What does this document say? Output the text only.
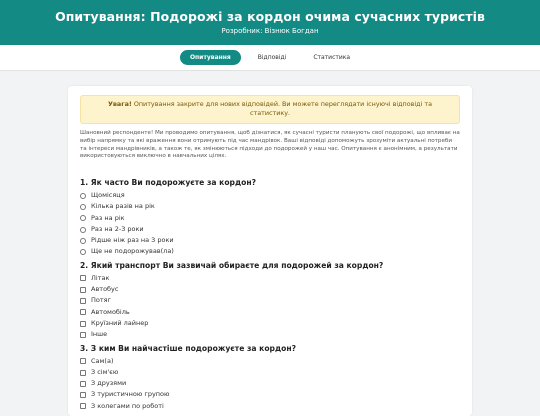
Опитування: Подорожі за кордон очима сучасних туристів
Розробник: Візнюк Богдан
Опитування	Відповіді	Статистика
Увага! Опитування закрите для нових відповідей. Ви можете переглядати існуючі відповіді та статистику.

Шановний респонденте! Ми проводимо опитування, щоб дізнатися, як сучасні туристи планують свої подорожі, що впливає на вибір напрямку та які враження вони отримують під час мандрівок. Ваші відповіді допоможуть зрозуміти актуальні потреби та інтереси мандрівників, а також те, як змінюються підходи до подорожей у наш час. Опитування є анонімним, а результати використовуються виключно в навчальних цілях.

1. Як часто Ви подорожуєте за кордон?
Щомісяця
Кілька разів на рік
Раз на рік
Раз на 2-3 роки
Рідше ніж раз на 3 роки
Ще не подорожував(ла)
2. Який транспорт Ви зазвичай обираєте для подорожей за кордон?
Літак
Автобус
Потяг
Автомобіль
Круїзний лайнер
Інше
3. З ким Ви найчастіше подорожуєте за кордон?
Сам(а)
З сім'єю
З друзями
З туристичною групою
З колегами по роботі
